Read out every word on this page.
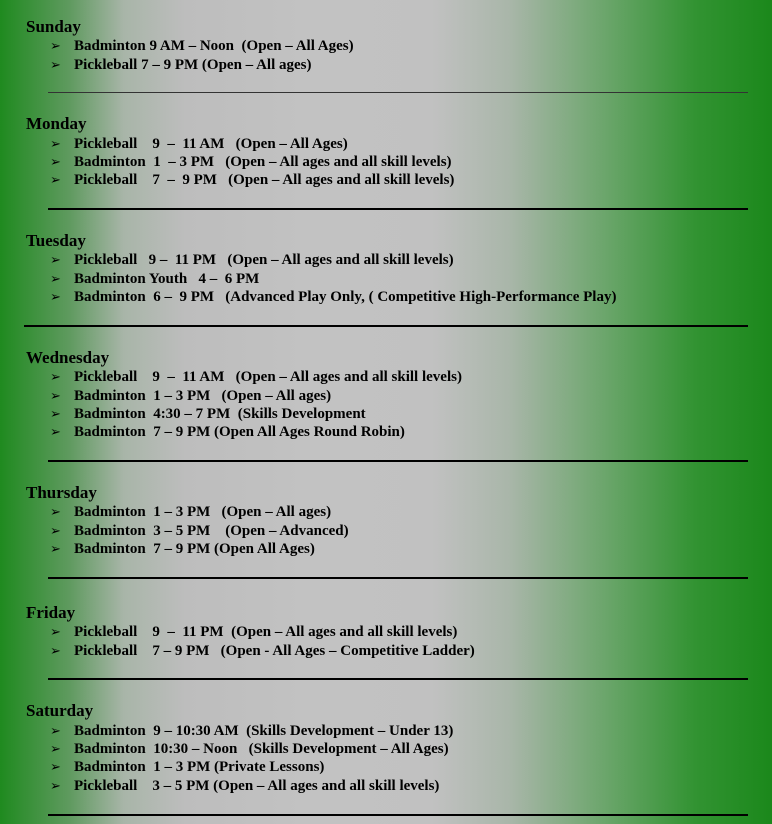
Sunday
➢ Badminton 9 AM – Noon  (Open – All Ages)
➢ Pickleball 7 – 9 PM (Open – All ages)
Monday
➢ Pickleball    9  –  11 AM   (Open – All Ages)
➢ Badminton  1  – 3 PM   (Open – All ages and all skill levels)
➢ Pickleball    7  –  9 PM   (Open – All ages and all skill levels)
Tuesday
➢ Pickleball   9 –  11 PM   (Open – All ages and all skill levels)
➢ Badminton Youth   4 –  6 PM
➢ Badminton  6 –  9 PM   (Advanced Play Only, ( Competitive High-Performance Play)
Wednesday
➢ Pickleball    9  –  11 AM   (Open – All ages and all skill levels)
➢ Badminton  1 – 3 PM   (Open – All ages)
➢ Badminton  4:30 – 7 PM  (Skills Development
➢ Badminton  7 – 9 PM (Open All Ages Round Robin)
Thursday
➢ Badminton  1 – 3 PM   (Open – All ages)
➢ Badminton  3 – 5 PM    (Open – Advanced)
➢ Badminton  7 – 9 PM (Open All Ages)
Friday
➢ Pickleball    9  –  11 PM  (Open – All ages and all skill levels)
➢ Pickleball    7 – 9 PM   (Open - All Ages – Competitive Ladder)
Saturday
➢ Badminton  9 – 10:30 AM  (Skills Development – Under 13)
➢ Badminton  10:30 – Noon   (Skills Development – All Ages)
➢ Badminton  1 – 3 PM (Private Lessons)
➢ Pickleball    3 – 5 PM (Open – All ages and all skill levels)
